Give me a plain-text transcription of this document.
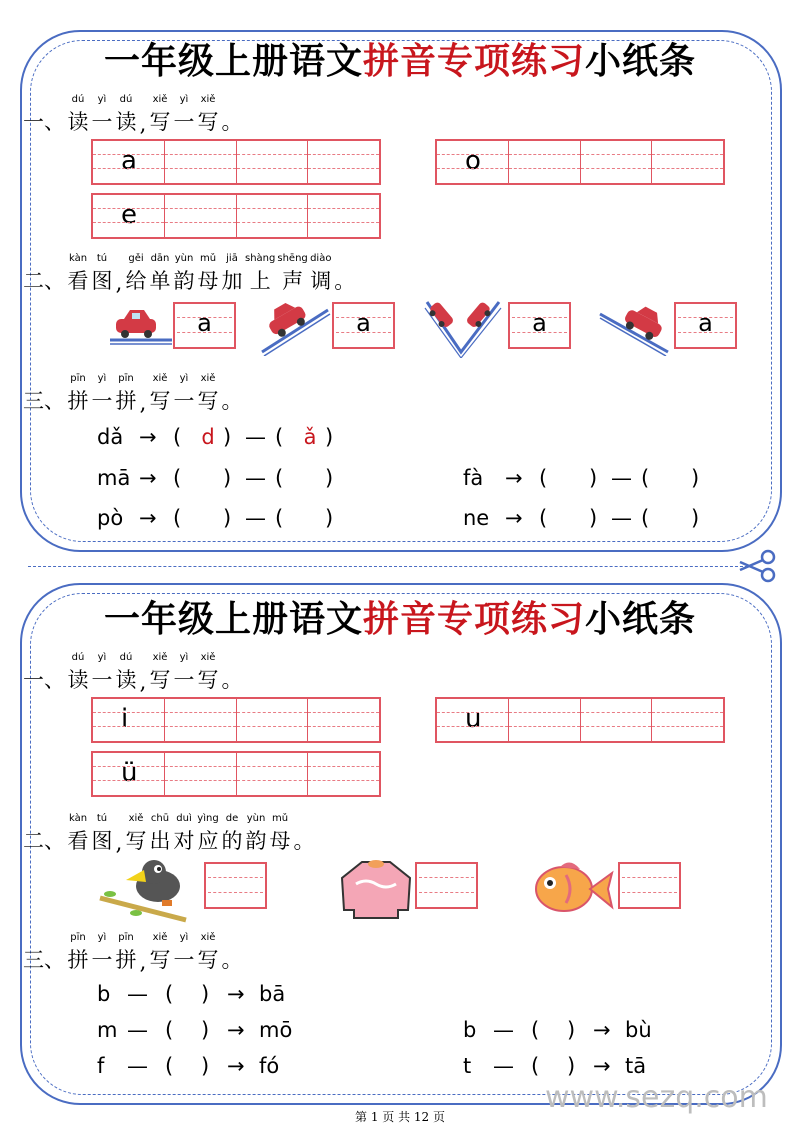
一年级上册语文拼音专项练习小纸条
一、
dú
读
yì
一
dú
读 ,
xiě
写
yì
一
xiě
写 。
a	o
e
二、
kàn
看
tú
图 ,
gěi
给
dān
单
yùn
韵
mǔ
母
jiā
加
shàng
上
shēng
声
diào
调 。
a	a	a	a
三、
pīn
拼
yì
一
pīn
拼 ,
xiě
写
yì
一
xiě
写 。
dǎ → ( d ) — ( ǎ )
mā → (	) — (	)	fà	→ (	) — (	)
pò → (	) — (	)	ne → (	) — (	)
一年级上册语文拼音专项练习小纸条
一、
dú
读
yì
一
dú
读 ,
xiě
写
yì
一
xiě
写 。
i	u
ü
二、
kàn
看
tú
图 ,
xiě
写
chū
出
duì
对
yìng
应
de
的
yùn
韵
mǔ
母 。
三、
pīn
拼
yì
一
pīn
拼 ,
xiě
写
yì
一
xiě
写 。
b — (	) → bā
m — (	) → mō	b — (	) → bù
f	— (	) → fó	t	— (	) → tā
www.sezq.com
第 1 页 共 12 页
